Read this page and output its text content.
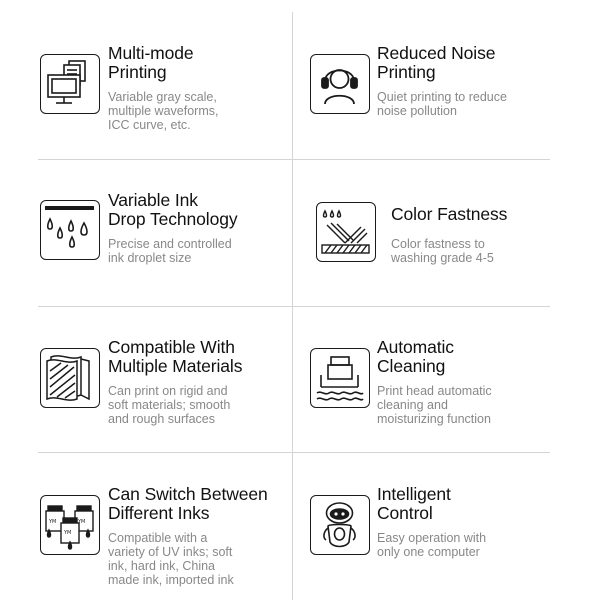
Multi-mode
Printing
Variable gray scale,
multiple waveforms,
ICC curve, etc.
Reduced Noise
Printing
Quiet printing to reduce
noise pollution
Variable Ink
Drop Technology
Precise and controlled
ink droplet size
Color Fastness
Color fastness to
washing grade 4-5
Compatible With
Multiple Materials
Can print on rigid and
soft materials; smooth
and rough surfaces
Automatic
Cleaning
Print head automatic
cleaning and
moisturizing function
YM	YM
YM
Can Switch Between
Different Inks
Compatible with a
variety of UV inks; soft
ink, hard ink, China
made ink, imported ink
Intelligent
Control
Easy operation with
only one computer
